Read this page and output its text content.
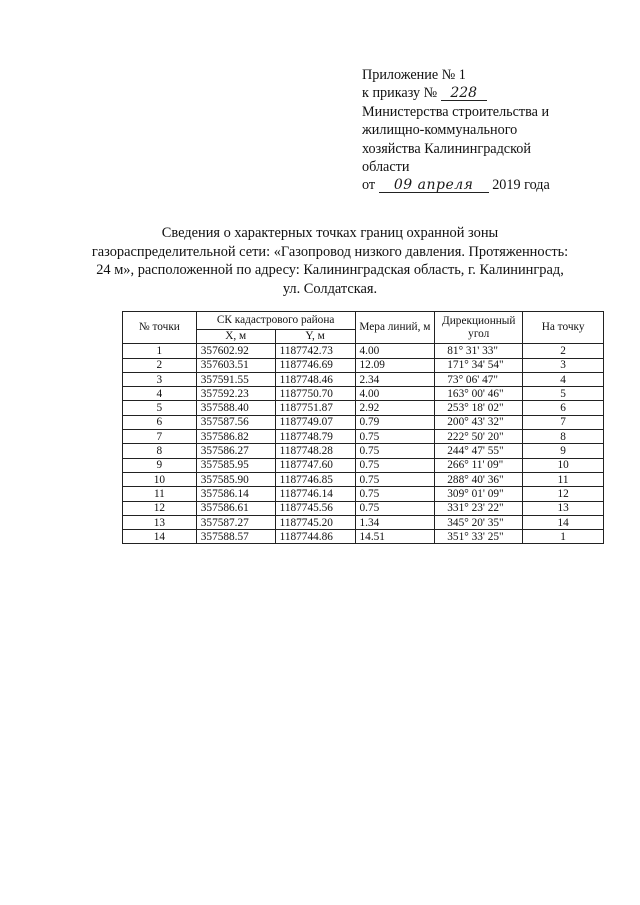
Приложение № 1
к приказу № 228
Министерства строительства и
жилищно-коммунального
хозяйства Калининградской
области
от 09 апреля 2019 года
Сведения о характерных точках границ охранной зоны
газораспределительной сети: «Газопровод низкого давления. Протяженность:
24 м», расположенной по адресу: Калининградская область, г. Калининград,
ул. Солдатская.
№ точки	СК кадастрового района		Мера линий, м	Дирекционный угол	На точку
	X, м	Y, м			
1	357602.92	1187742.73	4.00	81° 31' 33"	2
2	357603.51	1187746.69	12.09	171° 34' 54"	3
3	357591.55	1187748.46	2.34	73° 06' 47"	4
4	357592.23	1187750.70	4.00	163° 00' 46"	5
5	357588.40	1187751.87	2.92	253° 18' 02"	6
6	357587.56	1187749.07	0.79	200° 43' 32"	7
7	357586.82	1187748.79	0.75	222° 50' 20"	8
8	357586.27	1187748.28	0.75	244° 47' 55"	9
9	357585.95	1187747.60	0.75	266° 11' 09"	10
10	357585.90	1187746.85	0.75	288° 40' 36"	11
11	357586.14	1187746.14	0.75	309° 01' 09"	12
12	357586.61	1187745.56	0.75	331° 23' 22"	13
13	357587.27	1187745.20	1.34	345° 20' 35"	14
14	357588.57	1187744.86	14.51	351° 33' 25"	1
